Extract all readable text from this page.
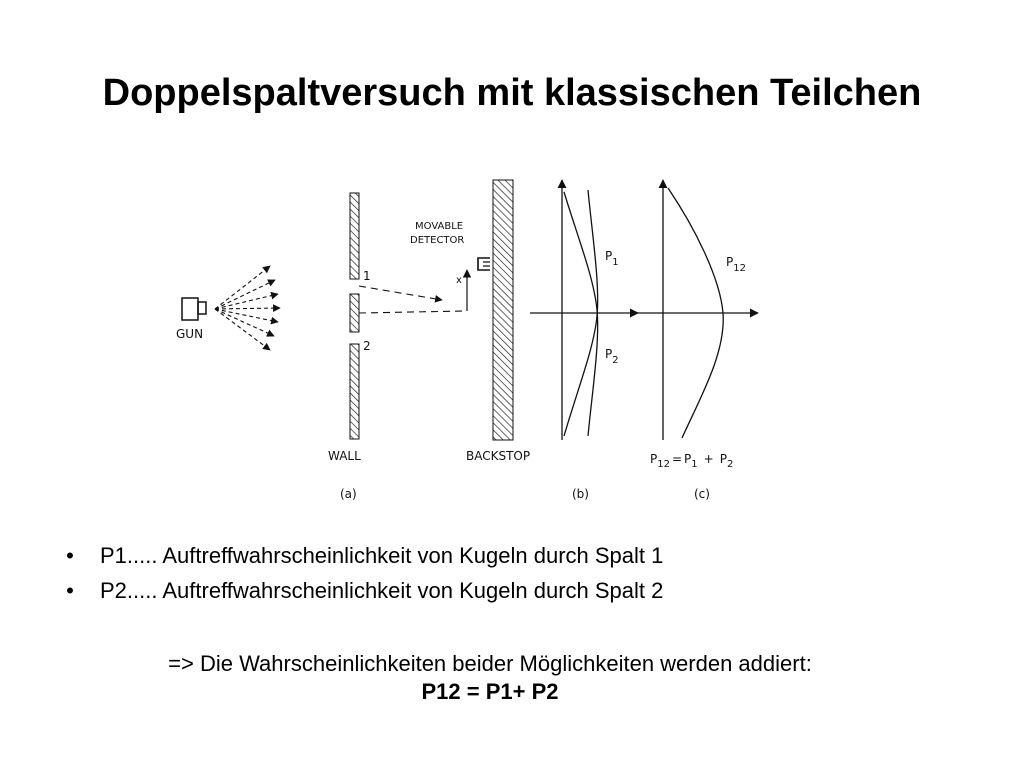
Doppelspaltversuch mit klassischen Teilchen
GUN
1
2
x
MOVABLE
DETECTOR
$P_1$
$P_2$
$P_{12}$
WALL	BACKSTOP	$P_{12} = P_1 + P_2$
(a)	(b)	(c)
• P1..... Auftreffwahrscheinlichkeit von Kugeln durch Spalt 1
• P2..... Auftreffwahrscheinlichkeit von Kugeln durch Spalt 2
=> Die Wahrscheinlichkeiten beider Möglichkeiten werden addiert:
P12 = P1+ P2
